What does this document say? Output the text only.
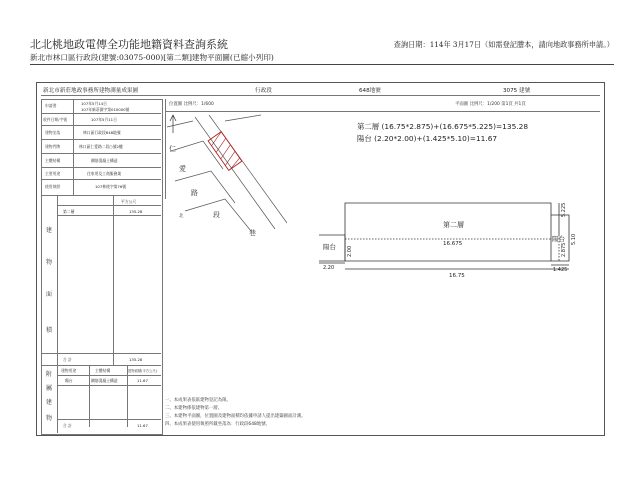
北北桃地政電傳全功能地籍資料查詢系統	查詢日期：114年 3月17日（如需登記謄本，請向地政事務所申請。）
新北市林口區行政段(建號:03075-000)[第二類]建物平面圖(已縮小列印)
新北市新莊地政事務所建物測量成果圖	行政段	648地號	3075 建號
申請書	107年5月14日
107年新莊測字第010000號
收件日期/字號	107年5月11日
建物坐落	林口區行政段648地號
建物門牌	林口區仁愛路二段○號2樓
主體結構	鋼筋混凝土構造
主要用途	住家用及工商服務業
使用執照	107林使字第76號
平方公尺
第二層	135.28
建
物
面
積
合 計	135.28
建物用途	主體結構	建物面積(平方公尺)
陽台	鋼筋混凝土構造	11.67
附
屬
建
物
合 計	11.67
位置圖 比例尺：1/600	平面圖 比例尺：1/200 第1頁 共1頁
愛
路
段
巷
仁
北
一、本成果表依區建物登記為限。
二、本建物係依建物第一層。
三、本建物平面圖，位置圖及建物面積均依據申請人提出建築圖面計測。
四、本成果表使用執照所載坐落為：行政段648地號。
第二層 (16.75*2.875)+(16.675*5.225)=135.28
陽台 (2.20*2.00)+(1.425*5.10)=11.67
第二層
陽台
陽台
16.675
16.75
2.20	1.425
5.225
2.875
2.00
5.10
